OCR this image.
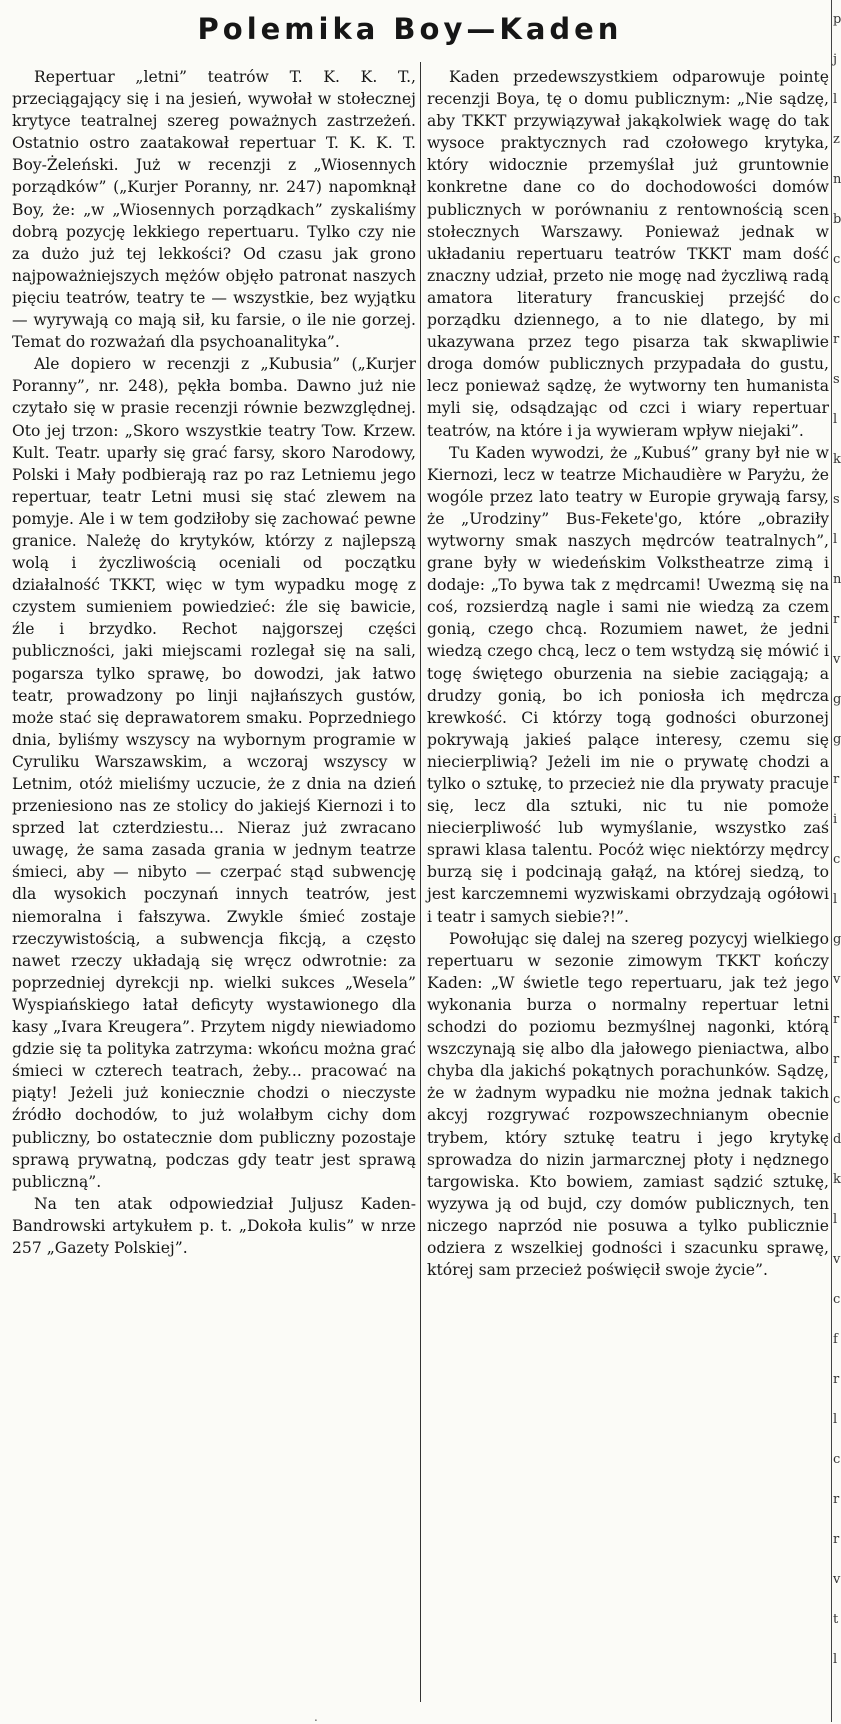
Polemika Boy—Kaden

Repertuar „letni” teatrów T. K. K. T., przeciągający się i na jesień, wywołał w stołecznej krytyce teatralnej szereg poważnych zastrzeżeń. Ostatnio ostro zaatakował repertuar T. K. K. T. Boy-Żeleński. Już w recenzji z „Wiosennych porządków” („Kurjer Poranny, nr. 247) napomknął Boy, że: „w „Wiosennych porządkach” zyskaliśmy dobrą pozycję lekkiego repertuaru. Tylko czy nie za dużo już tej lekkości? Od czasu jak grono najpoważniejszych mężów objęło patronat naszych pięciu teatrów, teatry te — wszystkie, bez wyjątku — wyrywają co mają sił, ku farsie, o ile nie gorzej. Temat do rozważań dla psychoanalityka”.

Ale dopiero w recenzji z „Kubusia” („Kurjer Poranny”, nr. 248), pękła bomba. Dawno już nie czytało się w prasie recenzji równie bezwzględnej. Oto jej trzon: „Skoro wszystkie teatry Tow. Krzew. Kult. Teatr. uparły się grać farsy, skoro Narodowy, Polski i Mały podbierają raz po raz Letniemu jego repertuar, teatr Letni musi się stać zlewem na pomyje. Ale i w tem godziłoby się zachować pewne granice. Należę do krytyków, którzy z najlepszą wolą i życzliwością oceniali od początku działalność TKKT, więc w tym wypadku mogę z czystem sumieniem powiedzieć: źle się bawicie, źle i brzydko. Rechot najgorszej części publiczności, jaki miejscami rozlegał się na sali, pogarsza tylko sprawę, bo dowodzi, jak łatwo teatr, prowadzony po linji najłańszych gustów, może stać się deprawatorem smaku. Poprzedniego dnia, byliśmy wszyscy na wybornym programie w Cyruliku Warszawskim, a wczoraj wszyscy w Letnim, otóż mieliśmy uczucie, że z dnia na dzień przeniesiono nas ze stolicy do jakiejś Kiernozi i to sprzed lat czterdziestu... Nieraz już zwracano uwagę, że sama zasada grania w jednym teatrze śmieci, aby — nibyto — czerpać stąd subwencję dla wysokich poczynań innych teatrów, jest niemoralna i fałszywa. Zwykle śmieć zostaje rzeczywistością, a subwencja fikcją, a często nawet rzeczy układają się wręcz odwrotnie: za poprzedniej dyrekcji np. wielki sukces „Wesela” Wyspiańskiego łatał deficyty wystawionego dla kasy „Ivara Kreugera”. Przytem nigdy niewiadomo gdzie się ta polityka zatrzyma: wkońcu można grać śmieci w czterech teatrach, żeby... pracować na piąty! Jeżeli już koniecznie chodzi o nieczyste źródło dochodów, to już wolałbym cichy dom publiczny, bo ostatecznie dom publiczny pozostaje sprawą prywatną, podczas gdy teatr jest sprawą publiczną”.

Na ten atak odpowiedział Juljusz Kaden-Bandrowski artykułem p. t. „Dokoła kulis” w nrze 257 „Gazety Polskiej”.

Kaden przedewszystkiem odparowuje pointę recenzji Boya, tę o domu publicznym: „Nie sądzę, aby TKKT przywiązywał jakąkolwiek wagę do tak wysoce praktycznych rad czołowego krytyka, który widocznie przemyślał już gruntownie konkretne dane co do dochodowości domów publicznych w porównaniu z rentownością scen stołecznych Warszawy. Ponieważ jednak w układaniu repertuaru teatrów TKKT mam dość znaczny udział, przeto nie mogę nad życzliwą radą amatora literatury francuskiej przejść do porządku dziennego, a to nie dlatego, by mi ukazywana przez tego pisarza tak skwapliwie droga domów publicznych przypadała do gustu, lecz ponieważ sądzę, że wytworny ten humanista myli się, odsądzając od czci i wiary repertuar teatrów, na które i ja wywieram wpływ niejaki”.

Tu Kaden wywodzi, że „Kubuś” grany był nie w Kiernozi, lecz w teatrze Michaudière w Paryżu, że wogóle przez lato teatry w Europie grywają farsy, że „Urodziny” Bus-Fekete'go, które „obraziły wytworny smak naszych mędrców teatralnych”, grane były w wiedeńskim Volkstheatrze zimą i dodaje: „To bywa tak z mędrcami! Uwezmą się na coś, rozsierdzą nagle i sami nie wiedzą za czem gonią, czego chcą. Rozumiem nawet, że jedni wiedzą czego chcą, lecz o tem wstydzą się mówić i togę świętego oburzenia na siebie zaciągają; a drudzy gonią, bo ich poniosła ich mędrcza krewkość. Ci którzy togą godności oburzonej pokrywają jakieś palące interesy, czemu się niecierpliwią? Jeżeli im nie o prywatę chodzi a tylko o sztukę, to przecież nie dla prywaty pracuje się, lecz dla sztuki, nic tu nie pomoże niecierpliwość lub wymyślanie, wszystko zaś sprawi klasa talentu. Pocóż więc niektórzy mędrcy burzą się i podcinają gałąź, na której siedzą, to jest karczemnemi wyzwiskami obrzydzają ogółowi i teatr i samych siebie?!”.

Powołując się dalej na szereg pozycyj wielkiego repertuaru w sezonie zimowym TKKT kończy Kaden: „W świetle tego repertuaru, jak też jego wykonania burza o normalny repertuar letni schodzi do poziomu bezmyślnej nagonki, którą wszczynają się albo dla jałowego pieniactwa, albo chyba dla jakichś pokątnych porachunków. Sądzę, że w żadnym wypadku nie można jednak takich akcyj rozgrywać rozpowszechnianym obecnie trybem, który sztukę teatru i jego krytykę sprowadza do nizin jarmarcznej płoty i nędznego targowiska. Kto bowiem, zamiast sądzić sztukę, wyzywa ją od bujd, czy domów publicznych, ten niczego naprzód nie posuwa a tylko publicznie odziera z wszelkiej godności i szacunku sprawę, której sam przecież poświęcił swoje życie”.

p
j
l
z
n
b
c
c
r
s
l
k
s
l
n
r
v
g
g
r
i
c
l
g
v
r
r
c
d
k
l
v
c
f
r
l
c
r
r
v
t
l
.
